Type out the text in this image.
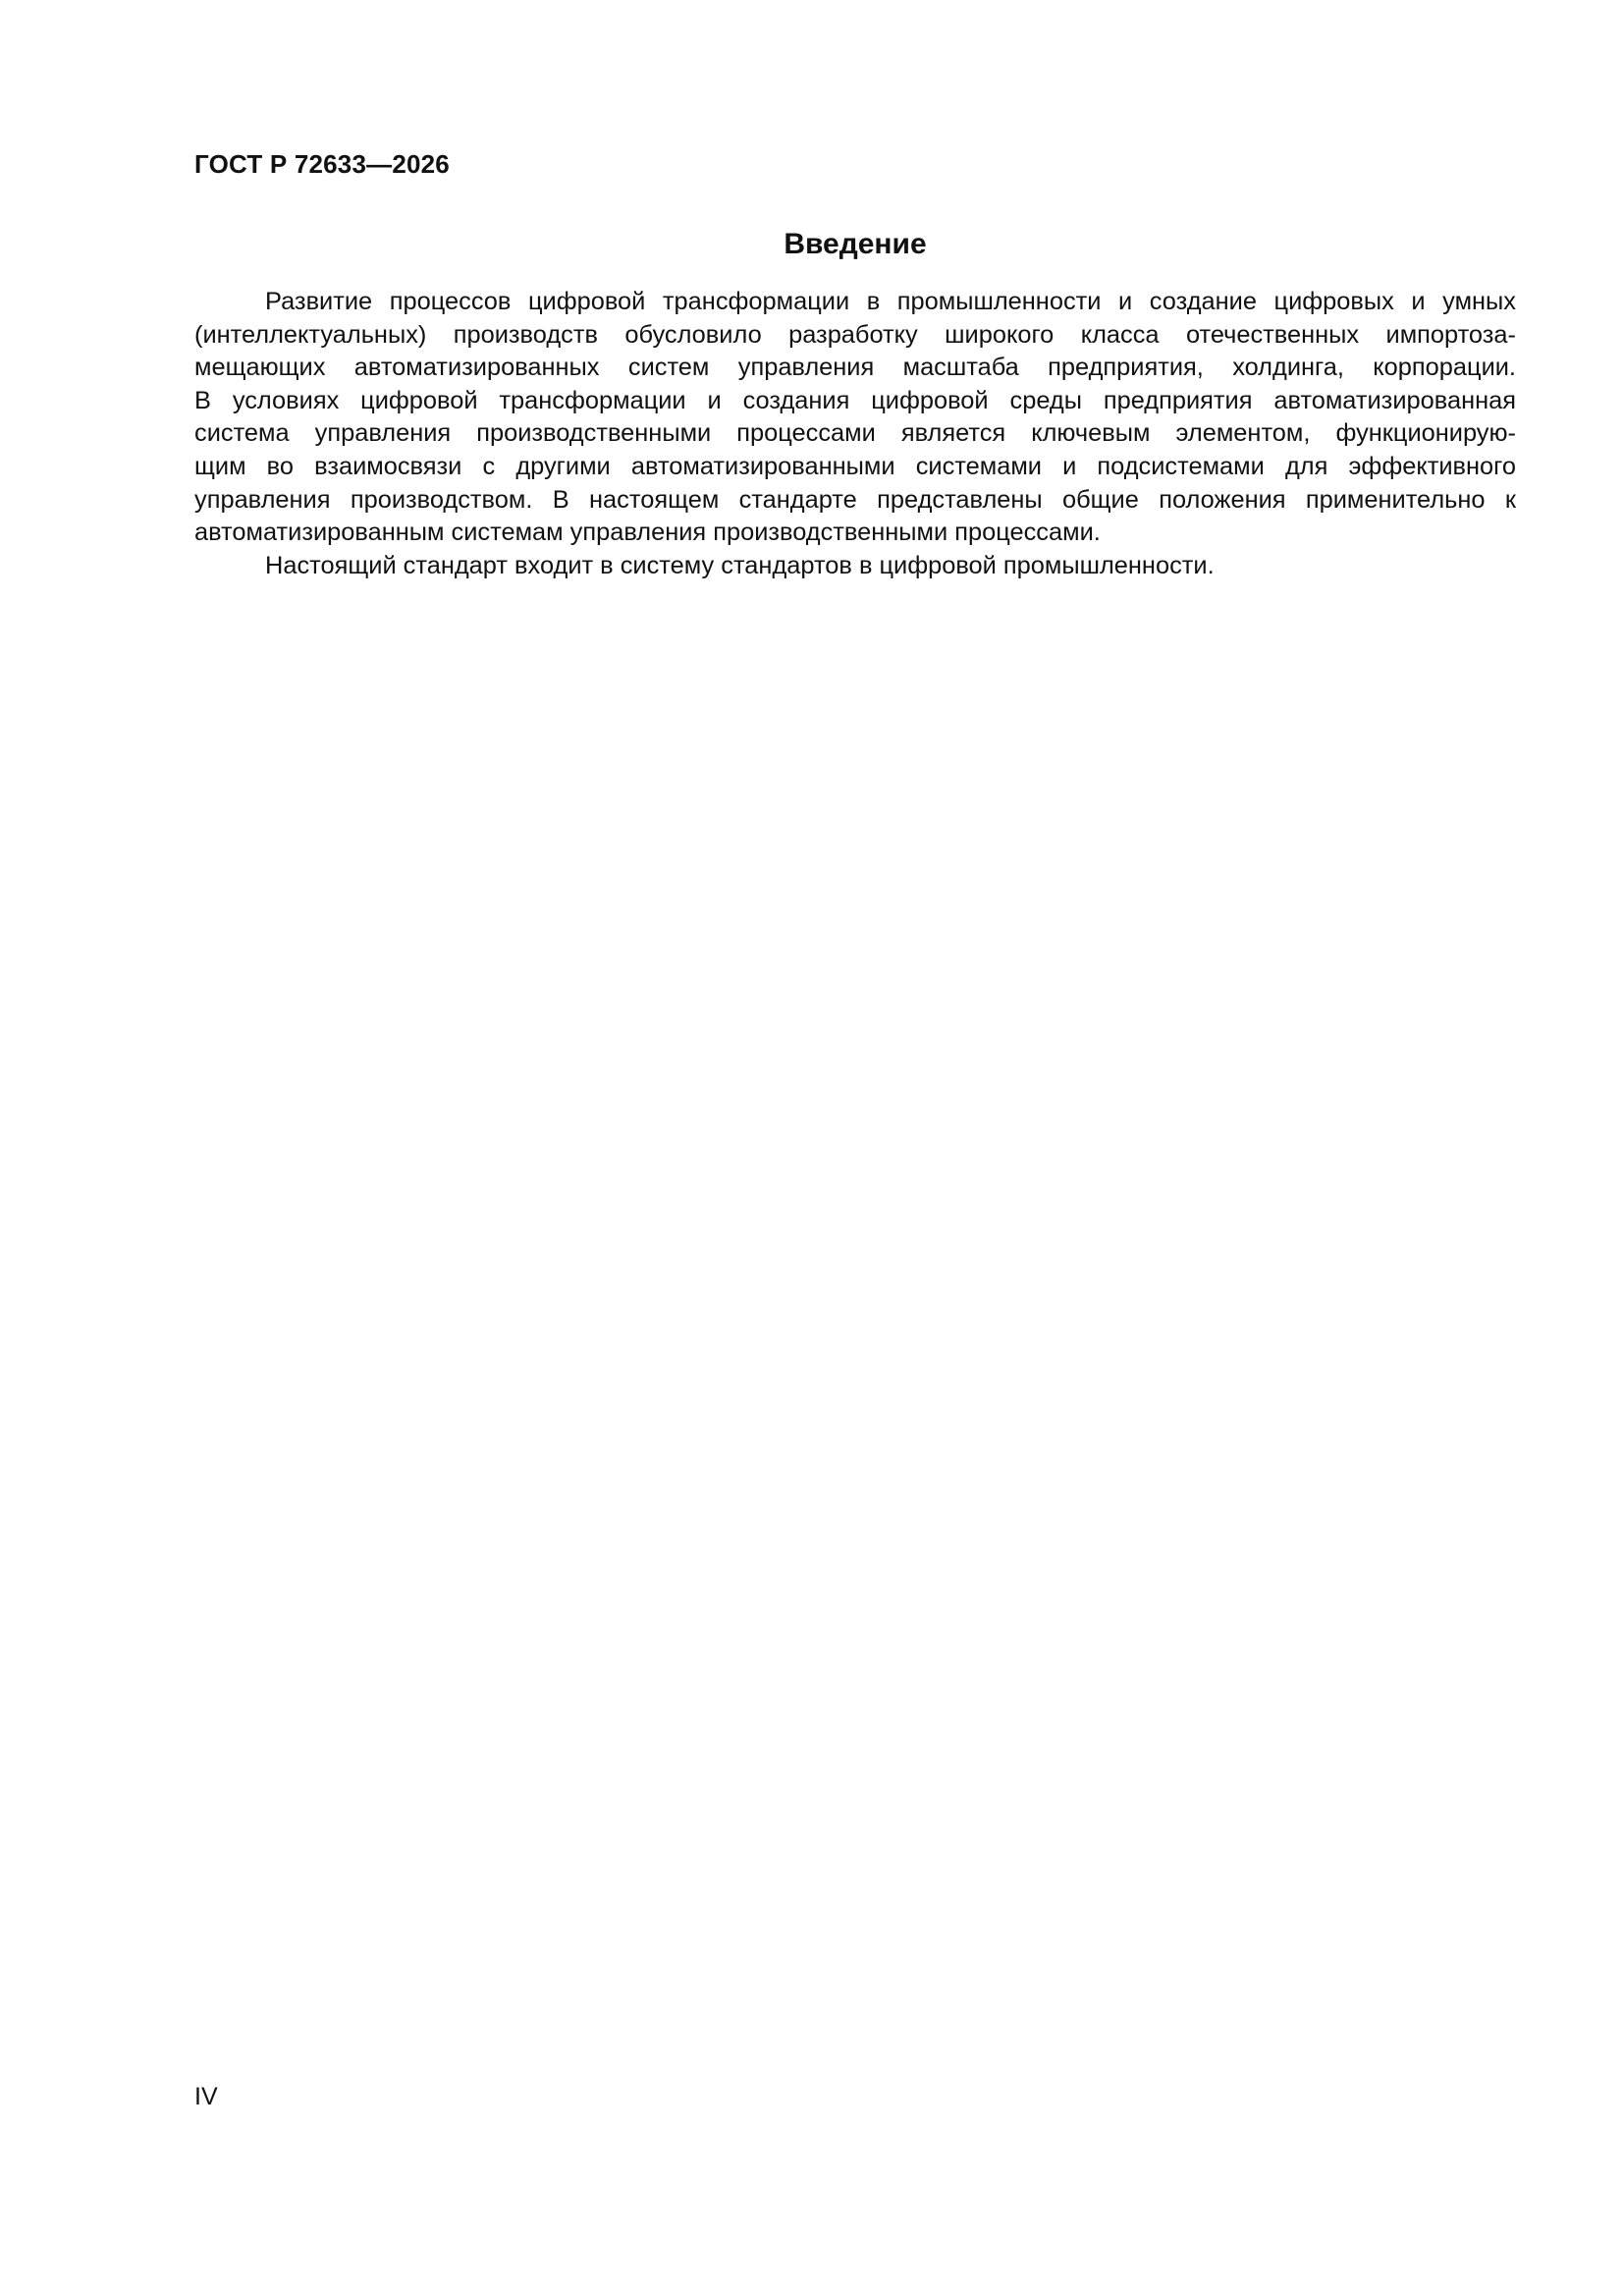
ГОСТ Р 72633—2026
Введение
Развитие процессов цифровой трансформации в промышленности и создание цифровых и умных
(интеллектуальных) производств обусловило разработку широкого класса отечественных импортоза-
мещающих автоматизированных систем управления масштаба предприятия, холдинга, корпорации.
В условиях цифровой трансформации и создания цифровой среды предприятия автоматизированная
система управления производственными процессами является ключевым элементом, функционирую-
щим во взаимосвязи с другими автоматизированными системами и подсистемами для эффективного
управления производством. В настоящем стандарте представлены общие положения применительно к
автоматизированным системам управления производственными процессами.
Настоящий стандарт входит в систему стандартов в цифровой промышленности.
IV
